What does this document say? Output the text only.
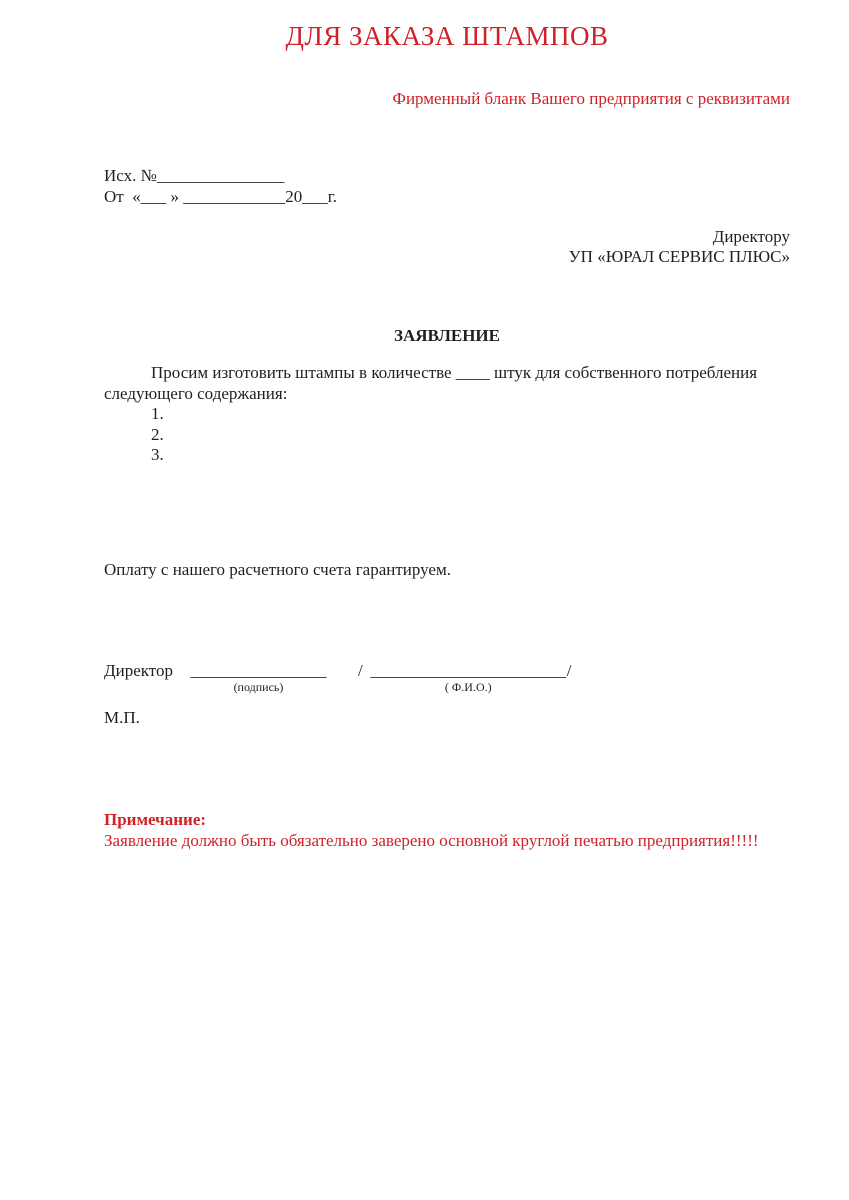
ДЛЯ ЗАКАЗА ШТАМПОВ
Фирменный бланк Вашего предприятия с реквизитами
Исх. №_______________
От  «___ » ____________20___г.
Директору
УП «ЮРАЛ СЕРВИС ПЛЮС»
ЗАЯВЛЕНИЕ
Просим изготовить штампы в количестве ____ штук для собственного потребления
следующего содержания:
1.
2.
3.
Оплату с нашего расчетного счета гарантируем.
Директор ________________
(подпись)
/ _______________________
( Ф.И.О.)
/
М.П.
Примечание:
Заявление должно быть обязательно заверено основной круглой печатью предприятия!!!!!
